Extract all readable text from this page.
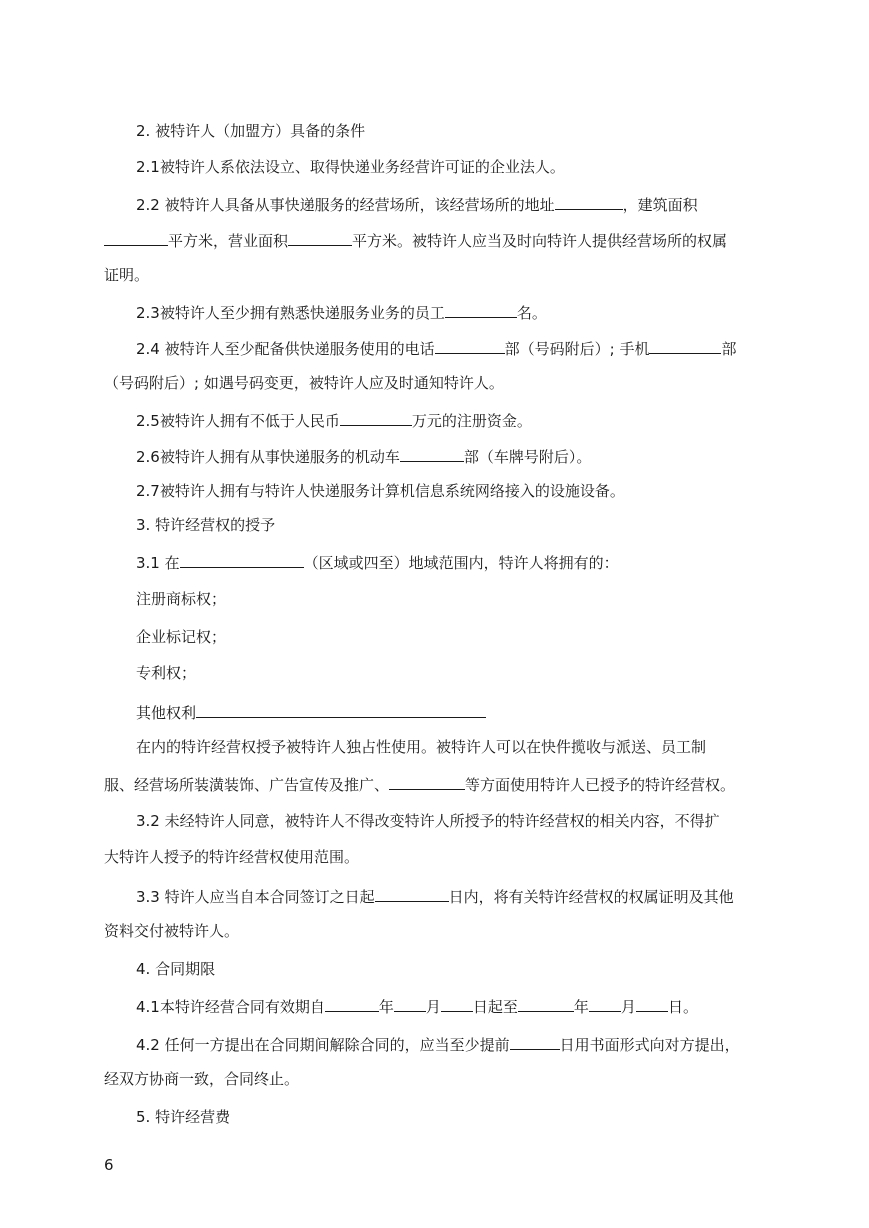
2. 被特许人（加盟方）具备的条件
2.1被特许人系依法设立、取得快递业务经营许可证的企业法人。
2.2 被特许人具备从事快递服务的经营场所，该经营场所的地址	，建筑面积
平方米，营业面积	平方米。被特许人应当及时向特许人提供经营场所的权属
证明。
2.3被特许人至少拥有熟悉快递服务业务的员工	名。
2.4 被特许人至少配备供快递服务使用的电话	部（号码附后）; 手机	部
（号码附后）; 如遇号码变更，被特许人应及时通知特许人。
2.5被特许人拥有不低于人民币	万元的注册资金。
2.6被特许人拥有从事快递服务的机动车	部（车牌号附后）。
2.7被特许人拥有与特许人快递服务计算机信息系统网络接入的设施设备。
3. 特许经营权的授予
3.1 在	（区域或四至）地域范围内，特许人将拥有的：
注册商标权；
企业标记权；
专利权；
其他权利
在内的特许经营权授予被特许人独占性使用。被特许人可以在快件揽收与派送、员工制
服、经营场所装潢装饰、广告宣传及推广、	等方面使用特许人已授予的特许经营权。
3.2 未经特许人同意，被特许人不得改变特许人所授予的特许经营权的相关内容，不得扩
大特许人授予的特许经营权使用范围。
3.3 特许人应当自本合同签订之日起	日内，将有关特许经营权的权属证明及其他
资料交付被特许人。
4. 合同期限
4.1本特许经营合同有效期自	年 月 日起至	年 月 日。
4.2 任何一方提出在合同期间解除合同的，应当至少提前	日用书面形式向对方提出，
经双方协商一致，合同终止。
5. 特许经营费
6
